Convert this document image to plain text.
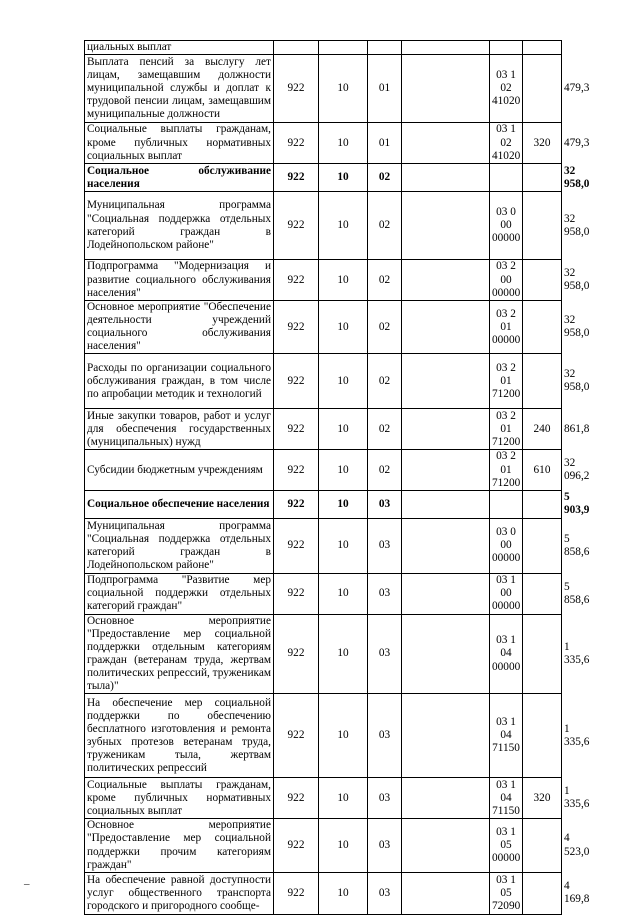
циальных выплат							
Выплата пенсий за выслугу лет лицам, замещавшим должности муниципальной службы и доплат к трудовой пенсии лицам, замещавшим муниципальные должности	922	10	01		03 1 02 41020		479,3
Социальные выплаты гражданам, кроме публичных нормативных социальных выплат	922	10	01		03 1 02 41020	320	479,3
Социальное обслуживание населения	922	10	02				32 958,0
Муниципальная программа "Социальная поддержка отдельных категорий граждан в Лодейнопольском районе"	922	10	02		03 0 00 00000		32 958,0
Подпрограмма "Модернизация и развитие социального обслуживания населения"	922	10	02		03 2 00 00000		32 958,0
Основное мероприятие "Обеспечение деятельности учреждений социального обслуживания населения"	922	10	02		03 2 01 00000		32 958,0
Расходы по организации социального обслуживания граждан, в том числе по апробации методик и технологий	922	10	02		03 2 01 71200		32 958,0
Иные закупки товаров, работ и услуг для обеспечения государственных (муниципальных) нужд	922	10	02		03 2 01 71200	240	861,8
Субсидии бюджетным учреждениям	922	10	02		03 2 01 71200	610	32 096,2
Социальное обеспечение населения	922	10	03				5 903,9
Муниципальная программа "Социальная поддержка отдельных категорий граждан в Лодейнопольском районе"	922	10	03		03 0 00 00000		5 858,6
Подпрограмма "Развитие мер социальной поддержки отдельных категорий граждан"	922	10	03		03 1 00 00000		5 858,6
Основное мероприятие "Предоставление мер социальной поддержки отдельным категориям граждан (ветеранам труда, жертвам политических репрессий, труженикам тыла)"	922	10	03		03 1 04 00000		1 335,6
На обеспечение мер социальной поддержки по обеспечению бесплатного изготовления и ремонта зубных протезов ветеранам труда, труженикам тыла, жертвам политических репрессий	922	10	03		03 1 04 71150		1 335,6
Социальные выплаты гражданам, кроме публичных нормативных социальных выплат	922	10	03		03 1 04 71150	320	1 335,6
Основное мероприятие "Предоставление мер социальной поддержки прочим категориям граждан"	922	10	03		03 1 05 00000		4 523,0
На обеспечение равной доступности услуг общественного транспорта городского и пригородного сообще-	922	10	03		03 1 05 72090		4 169,8
_
